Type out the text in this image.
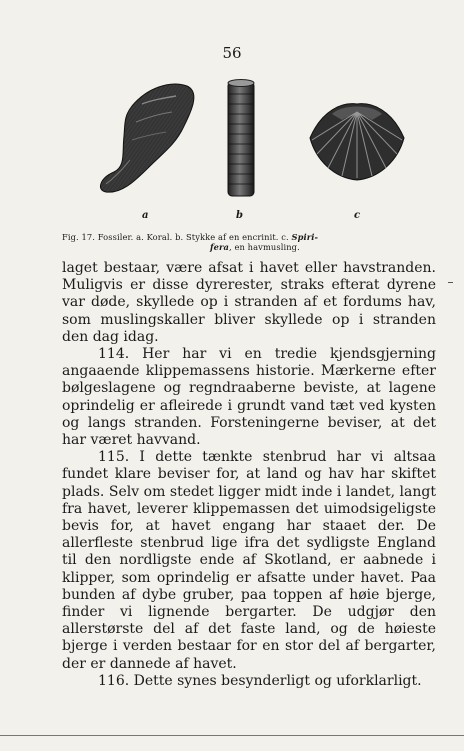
56
a	b	c
Fig. 17. Fossiler. a. Koral. b. Stykke af en encrinit. c. Spiri-
fera, en havmusling.

laget bestaar, være afsat i havet eller havstranden. Muligvis er disse dyrerester, straks efterat dyrene var døde, skyllede op i stranden af et fordums hav, som muslingskaller bliver skyllede op i stranden den dag idag.

114. Her har vi en tredie kjendsgjerning angaaende klippemassens historie. Mærkerne efter bølgeslagene og regndraaberne beviste, at lagene oprindelig er afleirede i grundt vand tæt ved kysten og langs stranden. Forsteningerne beviser, at det har været havvand.

115. I dette tænkte stenbrud har vi altsaa fundet klare beviser for, at land og hav har skiftet plads. Selv om stedet ligger midt inde i landet, langt fra havet, leverer klippemassen det uimodsigeligste bevis for, at havet engang har staaet der. De allerfleste stenbrud lige ifra det sydligste England til den nordligste ende af Skotland, er aabnede i klipper, som oprindelig er afsatte under havet. Paa bunden af dybe gruber, paa toppen af høie bjerge, finder vi lignende bergarter. De udgjør den allerstørste del af det faste land, og de høieste bjerge i verden bestaar for en stor del af bergarter, der er dannede af havet.

116. Dette synes besynderligt og uforklarligt.
